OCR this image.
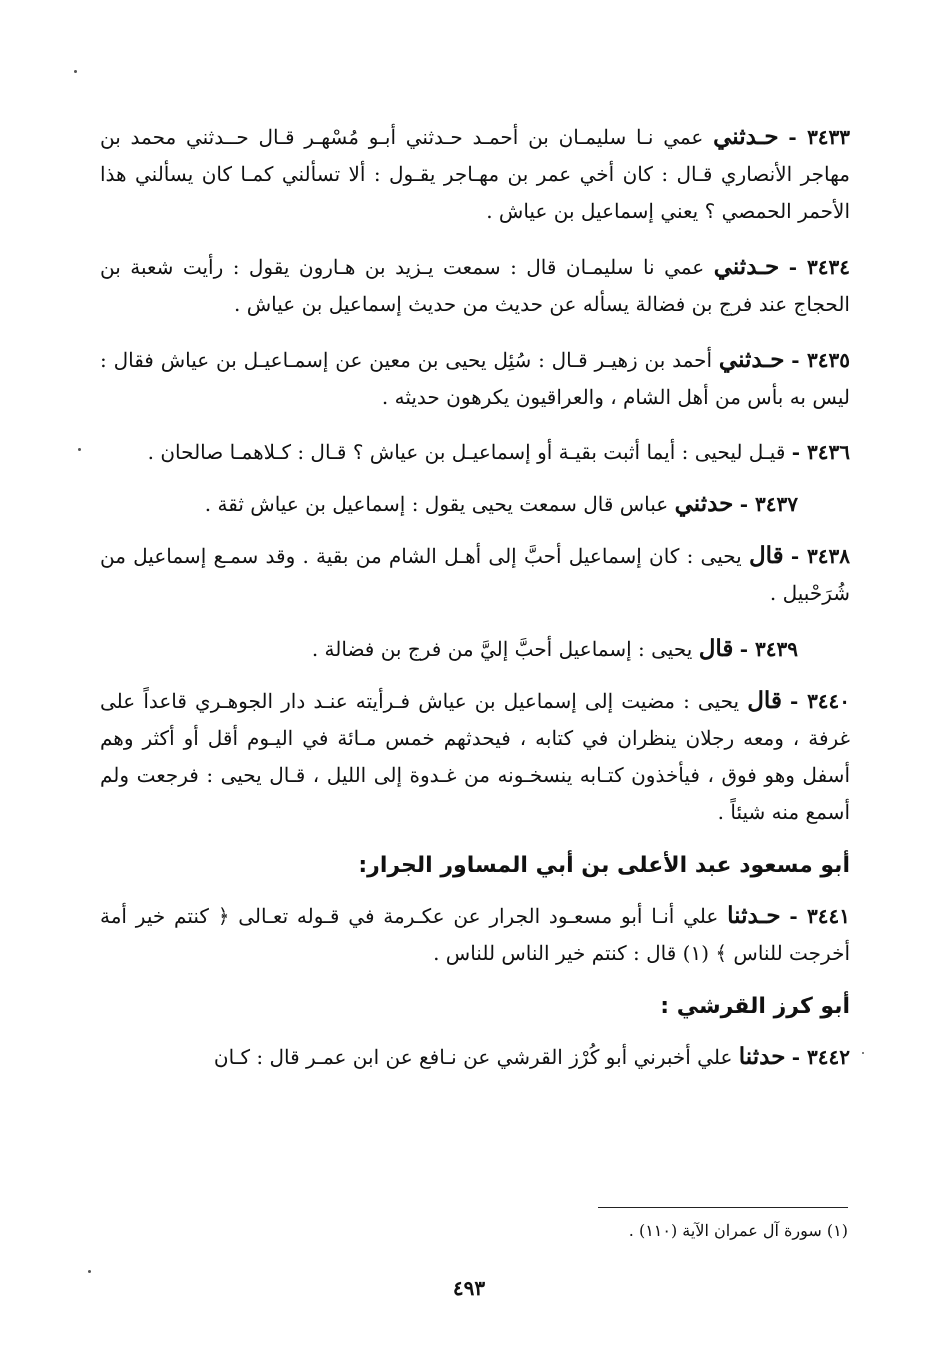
٣٤٣٣ - حـدثني عمي نـا سليمـان بن أحمـد حـدثني أبـو مُسْهـر قـال حــدثني محمد بن مهاجر الأنصاري قـال : كان أخي عمر بن مهـاجر يقـول : ألا تسألني كمـا كان يسألني هذا الأحمر الحمصي ؟ يعني إسماعيل بن عياش .

٣٤٣٤ - حـدثني عمي نا سليمـان قال : سمعت يـزيد بن هـارون يقول : رأيت شعبة بن الحجاج عند فرج بن فضالة يسأله عن حديث من حديث إسماعيل بن عياش .

٣٤٣٥ - حـدثني أحمد بن زهيـر قـال : سُئِل يحيى بن معين عن إسمـاعيـل بن عياش فقال : ليس به بأس من أهل الشام ، والعراقيون يكرهون حديثه .

٣٤٣٦ - قيـل ليحيى : أيما أثبت بقيـة أو إسماعيـل بن عياش ؟ قـال : كـلاهمـا صالحان .

٣٤٣٧ - حدثني عباس قال سمعت يحيى يقول : إسماعيل بن عياش ثقة .

٣٤٣٨ - قال يحيى : كان إسماعيل أحبَّ إلى أهـل الشام من بقية . وقد سمـع إسماعيل من شُرَحْبيل .

٣٤٣٩ - قال يحيى : إسماعيل أحبَّ إليَّ من فرج بن فضالة .

٣٤٤٠ - قال يحيى : مضيت إلى إسماعيل بن عياش فـرأيته عنـد دار الجوهـري قاعداً على غرفة ، ومعه رجلان ينظران في كتابه ، فيحدثهم خمس مـائة في اليـوم أقل أو أكثر وهم أسفل وهو فوق ، فيأخذون كتـابه ينسخـونه من غـدوة إلى الليل ، قـال يحيى : فرجعت ولم أسمع منه شيئاً .

أبو مسعود عبد الأعلى بن أبي المساور الجرار:

٣٤٤١ - حـدثنا علي أنـا أبو مسعـود الجرار عن عكـرمة في قـوله تعـالى ﴿ كنتم خير أمة أخرجت للناس ﴾ (١) قال : كنتم خير الناس للناس .

أبو كرز القرشي :

٣٤٤٢ - حدثنا علي أخبرني أبو كُرْز القرشي عن نـافع عن ابن عمـر قال : كـان

(١) سورة آل عمران الآية (١١٠) .
٤٩٣
